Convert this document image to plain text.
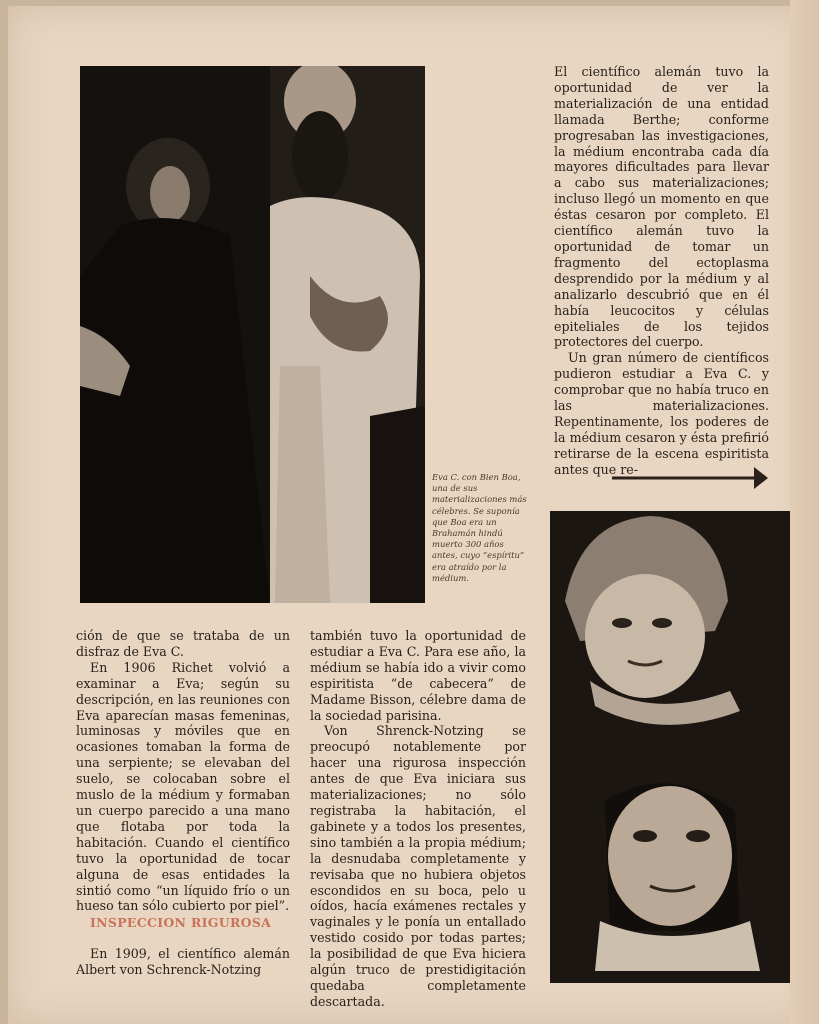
Eva C. con Bien Boa, una de sus materializaciones más célebres. Se suponía que Boa era un Brahamán hindú muerto 300 años antes, cuyo “espíritu” era atraído por la médium.

El científico alemán tuvo la oportunidad de ver la materialización de una entidad llamada Berthe; conforme progresaban las investigaciones, la médium encontraba cada día mayores dificultades para llevar a cabo sus materializaciones; incluso llegó un momento en que éstas cesaron por completo. El científico alemán tuvo la oportunidad de tomar un fragmento del ectoplasma desprendido por la médium y al analizarlo descubrió que en él había leucocitos y células epiteliales de los tejidos protectores del cuerpo.

Un gran número de científicos pudieron estudiar a Eva C. y comprobar que no había truco en las materializaciones. Repentinamente, los poderes de la médium cesaron y ésta prefirió retirarse de la escena espiritista antes que re-

ción de que se trataba de un disfraz de Eva C.

En 1906 Richet volvió a examinar a Eva; según su descripción, en las reuniones con Eva aparecían masas femeninas, luminosas y móviles que en ocasiones tomaban la forma de una serpiente; se elevaban del suelo, se colocaban sobre el muslo de la médium y formaban un cuerpo parecido a una mano que flotaba por toda la habitación. Cuando el científico tuvo la oportunidad de tocar alguna de esas entidades la sintió como “un líquido frío o un hueso tan sólo cubierto por piel”.

INSPECCION RIGUROSA

En 1909, el científico alemán Albert von Schrenck-Notzing

también tuvo la oportunidad de estudiar a Eva C. Para ese año, la médium se había ido a vivir como espiritista “de cabecera” de Madame Bisson, célebre dama de la sociedad parisina.

Von Shrenck-Notzing se preocupó notablemente por hacer una rigurosa inspección antes de que Eva iniciara sus materializaciones; no sólo registraba la habitación, el gabinete y a todos los presentes, sino también a la propia médium; la desnudaba completamente y revisaba que no hubiera objetos escondidos en su boca, pelo u oídos, hacía exámenes rectales y vaginales y le ponía un entallado vestido cosido por todas partes; la posibilidad de que Eva hiciera algún truco de prestidigitación quedaba completamente descartada.
